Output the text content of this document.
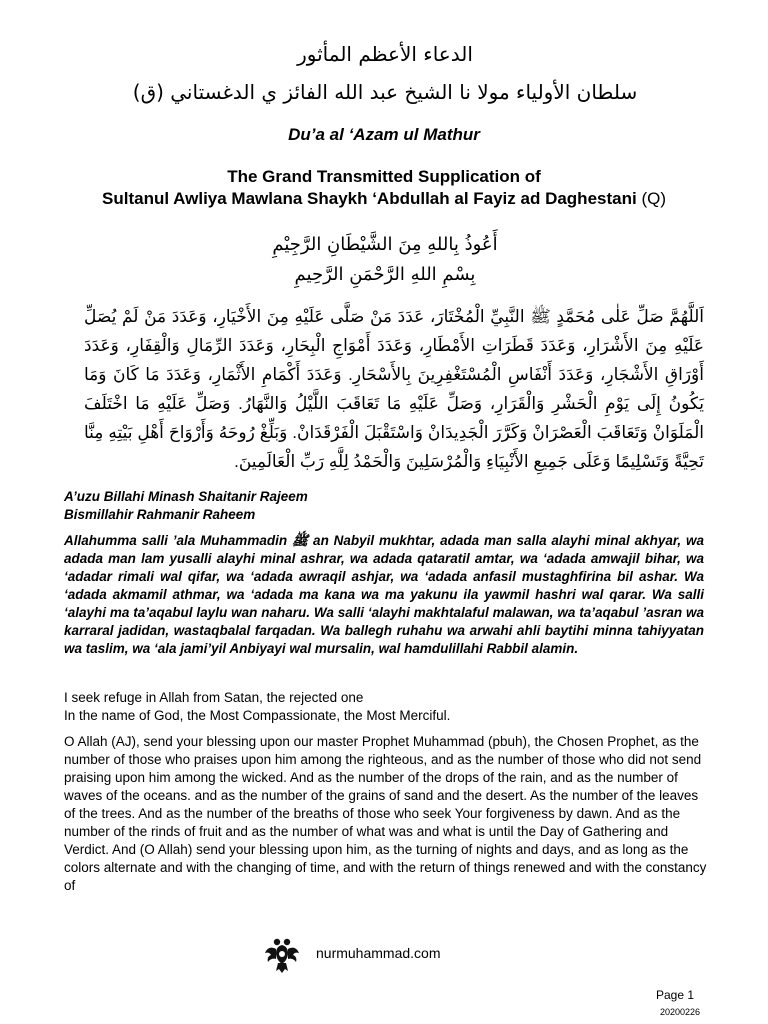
الدعاء الأعظم المأثور
سلطان الأولياء مولا نا الشيخ عبد الله الفائز ي الدغستاني (ق)
Du’a al ‘Azam ul Mathur
The Grand Transmitted Supplication of
Sultanul Awliya Mawlana Shaykh ‘Abdullah al Fayiz ad Daghestani (Q)
أَعُوذُ بِاللهِ مِنَ الشَّيْطَانِ الرَّجِيْمِ
بِسْمِ اللهِ الرَّحْمَنِ الرَّحِيمِ
اَللَّهُمَّ صَلِّ عَلٰى مُحَمَّدٍ ﷺ النَّبِيِّ الْمُخْتَارَ، عَدَدَ مَنْ صَلَّى عَلَيْهِ مِنَ الأَخْيَارِ، وَعَدَدَ مَنْ لَمْ يُصَلِّ عَلَيْهِ مِنَ الأَشْرَارِ، وَعَدَدَ قَطَرَاتِ الأَمْطَارِ، وَعَدَدَ أَمْوَاجِ الْبِحَارِ، وَعَدَدَ الرِّمَالِ وَالْقِفَارِ، وَعَدَدَ أَوْرَاقِ الأَشْجَارِ، وَعَدَدَ أَنْفَاسِ الْمُسْتَغْفِرِينَ بِالأَسْحَارِ. وَعَدَدَ أَكْمَامِ الأَثْمَارِ، وَعَدَدَ مَا كَانَ وَمَا يَكُونُ إِلَى يَوْمِ الْحَشْرِ وَالْقَرَارِ، وَصَلِّ عَلَيْهِ مَا تَعَاقَبَ اللَّيْلُ وَالنَّهَارُ. وَصَلِّ عَلَيْهِ مَا اخْتَلَفَ الْمَلَوَانْ وَتَعَاقَبَ الْعَصْرَانْ وَكَرَّرَ الْجَدِيدَانْ وَاسْتَقْبَلَ الْفَرْقَدَانْ. وَبَلِّغْ رُوحَهُ وَأَرْوَاحَ أَهْلِ بَيْتِهِ مِنَّا تَحِيَّةً وَتَسْلِيمًا وَعَلَى جَمِيعِ الأَنْبِيَاءِ وَالْمُرْسَلِينَ وَالْحَمْدُ لِلَّهِ رَبِّ الْعَالَمِينَ.

A’uzu Billahi Minash Shaitanir Rajeem

Bismillahir Rahmanir Raheem

Allahumma salli ’ala Muhammadin ﷺ an Nabyil mukhtar, adada man salla alayhi minal akhyar, wa adada man lam yusalli alayhi minal ashrar, wa adada qataratil amtar, wa ‘adada amwajil bihar, wa ‘adadar rimali wal qifar, wa ‘adada awraqil ashjar, wa ‘adada anfasil mustaghfirina bil ashar. Wa ‘adada akmamil athmar, wa ‘adada ma kana wa ma yakunu ila yawmil hashri wal qarar. Wa salli ‘alayhi ma ta’aqabul laylu wan naharu. Wa salli ‘alayhi makhtalaful malawan, wa ta’aqabul ’asran wa karraral jadidan, wastaqbalal farqadan. Wa ballegh ruhahu wa arwahi ahli baytihi minna tahiyyatan wa taslim, wa ‘ala jami’yil Anbiyayi wal mursalin, wal hamdulillahi Rabbil alamin.

I seek refuge in Allah from Satan, the rejected one

In the name of God, the Most Compassionate, the Most Merciful.

O Allah (AJ), send your blessing upon our master Prophet Muhammad (pbuh), the Chosen Prophet, as the number of those who praises upon him among the righteous, and as the number of those who did not send praising upon him among the wicked. And as the number of the drops of the rain, and as the number of waves of the oceans. and as the number of the grains of sand and the desert. As the number of the leaves of the trees. And as the number of the breaths of those who seek Your forgiveness by dawn. And as the number of the rinds of fruit and as the number of what was and what is until the Day of Gathering and Verdict. And (O Allah) send your blessing upon him, as the turning of nights and days, and as long as the colors alternate and with the changing of time, and with the return of things renewed and with the constancy of

nurmuhammad.com
Page 1
20200226
